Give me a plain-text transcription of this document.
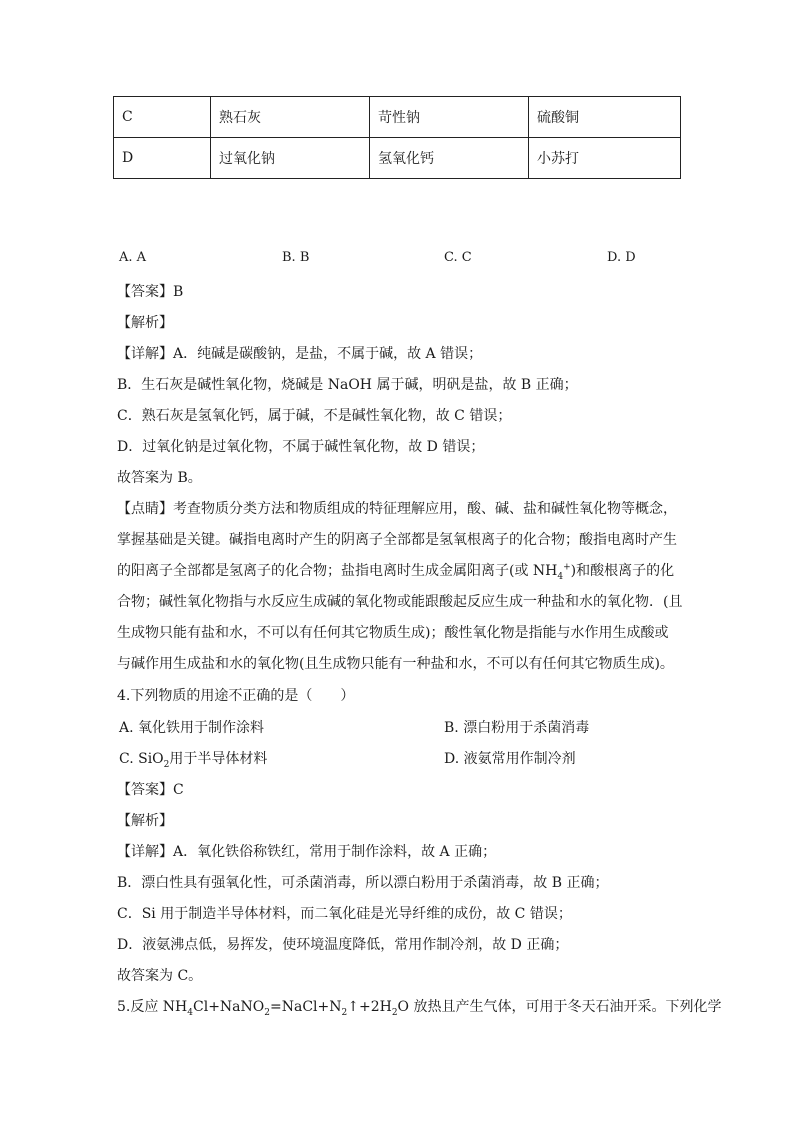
C	熟石灰	苛性钠	硫酸铜
D	过氧化钠	氢氧化钙	小苏打
A. A	B. B	C. C	D. D
【答案】B
【解析】
【详解】A．纯碱是碳酸钠，是盐，不属于碱，故 A 错误；
B．生石灰是碱性氧化物，烧碱是 NaOH 属于碱，明矾是盐，故 B 正确；
C．熟石灰是氢氧化钙，属于碱，不是碱性氧化物，故 C 错误；
D．过氧化钠是过氧化物，不属于碱性氧化物，故 D 错误；
故答案为 B。
【点睛】考查物质分类方法和物质组成的特征理解应用，酸、碱、盐和碱性氧化物等概念，
掌握基础是关键。碱指电离时产生的阴离子全部都是氢氧根离子的化合物；酸指电离时产生
的阳离子全部都是氢离子的化合物；盐指电离时生成金属阳离子(或 $NH_4^+$)和酸根离子的化
合物；碱性氧化物指与水反应生成碱的氧化物或能跟酸起反应生成一种盐和水的氧化物．(且
生成物只能有盐和水，不可以有任何其它物质生成)；酸性氧化物是指能与水作用生成酸或
与碱作用生成盐和水的氧化物(且生成物只能有一种盐和水，不可以有任何其它物质生成)。
4.下列物质的用途不正确的是（　　）
A. 氧化铁用于制作涂料	B. 漂白粉用于杀菌消毒
C. SiO$_2$用于半导体材料	D. 液氨常用作制冷剂
【答案】C
【解析】
【详解】A．氧化铁俗称铁红，常用于制作涂料，故 A 正确；
B．漂白性具有强氧化性，可杀菌消毒，所以漂白粉用于杀菌消毒，故 B 正确；
C．Si 用于制造半导体材料，而二氧化硅是光导纤维的成份，故 C 错误；
D．液氨沸点低，易挥发，使环境温度降低，常用作制冷剂，故 D 正确；
故答案为 C。
5.反应 $NH_4Cl+NaNO_2=NaCl+N_2↑+2H_2O$ 放热且产生气体，可用于冬天石油开采。下列化学
